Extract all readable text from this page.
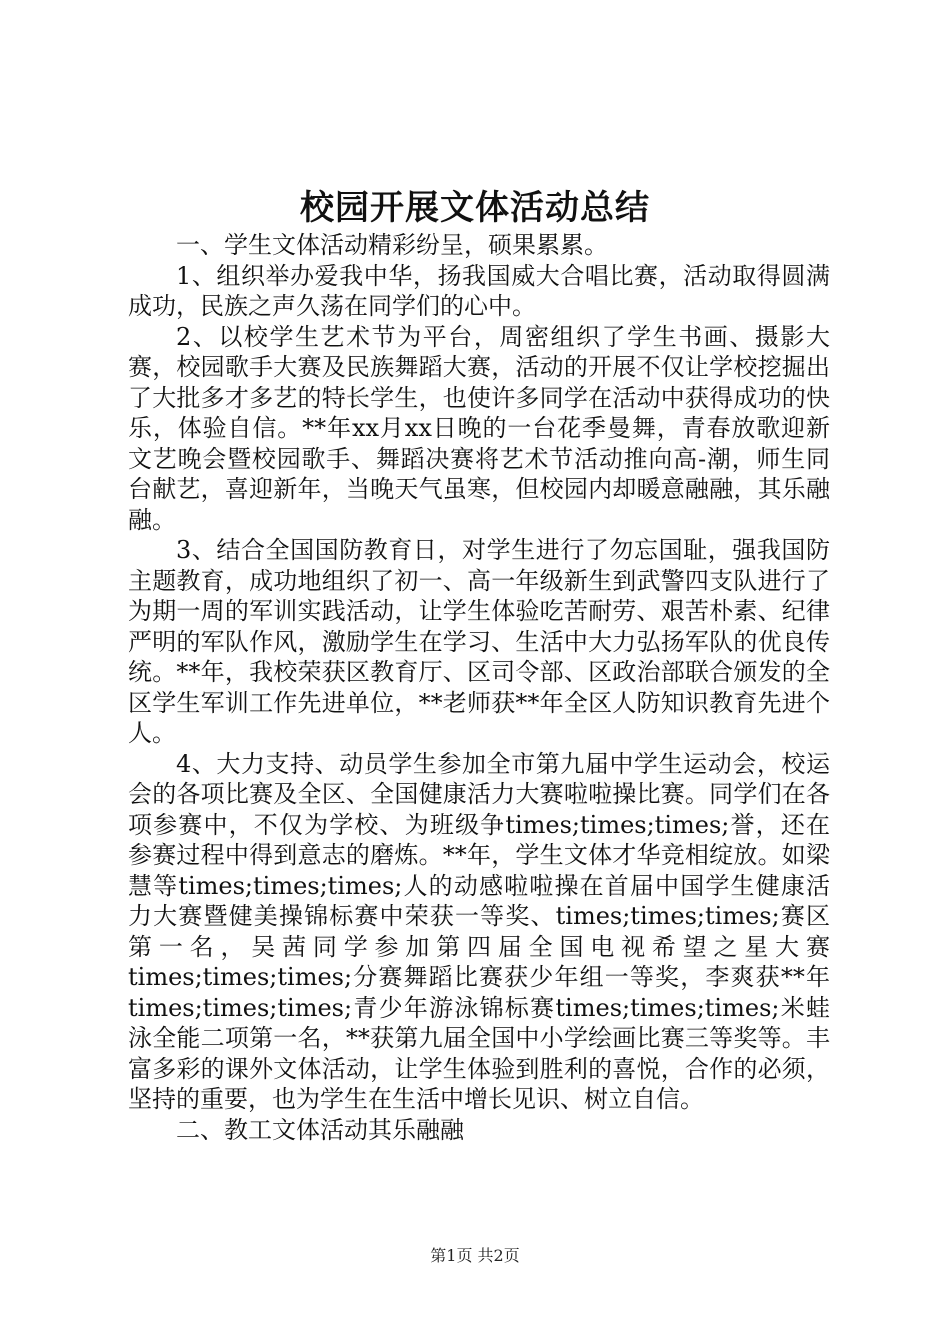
校园开展文体活动总结

一、学生文体活动精彩纷呈，硕果累累。

1、组织举办爱我中华，扬我国威大合唱比赛，活动取得圆满成功，民族之声久荡在同学们的心中。

2、以校学生艺术节为平台，周密组织了学生书画、摄影大赛，校园歌手大赛及民族舞蹈大赛，活动的开展不仅让学校挖掘出了大批多才多艺的特长学生，也使许多同学在活动中获得成功的快乐，体验自信。**年xx月xx日晚的一台花季曼舞，青春放歌迎新文艺晚会暨校园歌手、舞蹈决赛将艺术节活动推向高-潮，师生同台献艺，喜迎新年，当晚天气虽寒，但校园内却暖意融融，其乐融融。

3、结合全国国防教育日，对学生进行了勿忘国耻，强我国防主题教育，成功地组织了初一、高一年级新生到武警四支队进行了为期一周的军训实践活动，让学生体验吃苦耐劳、艰苦朴素、纪律严明的军队作风，激励学生在学习、生活中大力弘扬军队的优良传统。**年，我校荣获区教育厅、区司令部、区政治部联合颁发的全区学生军训工作先进单位，**老师获**年全区人防知识教育先进个人。

4、大力支持、动员学生参加全市第九届中学生运动会，校运会的各项比赛及全区、全国健康活力大赛啦啦操比赛。同学们在各项参赛中，不仅为学校、为班级争times;times;times;誉，还在参赛过程中得到意志的磨炼。**年，学生文体才华竞相绽放。如梁慧等times;times;times;人的动感啦啦操在首届中国学生健康活力大赛暨健美操锦标赛中荣获一等奖、times;times;times;赛区第一名，吴茜同学参加第四届全国电视希望之星大赛times;times;times;分赛舞蹈比赛获少年组一等奖，李爽获**年times;times;times;青少年游泳锦标赛times;times;times;米蛙泳全能二项第一名，**获第九届全国中小学绘画比赛三等奖等。丰富多彩的课外文体活动，让学生体验到胜利的喜悦，合作的必须，坚持的重要，也为学生在生活中增长见识、树立自信。

二、教工文体活动其乐融融

第1页 共2页
